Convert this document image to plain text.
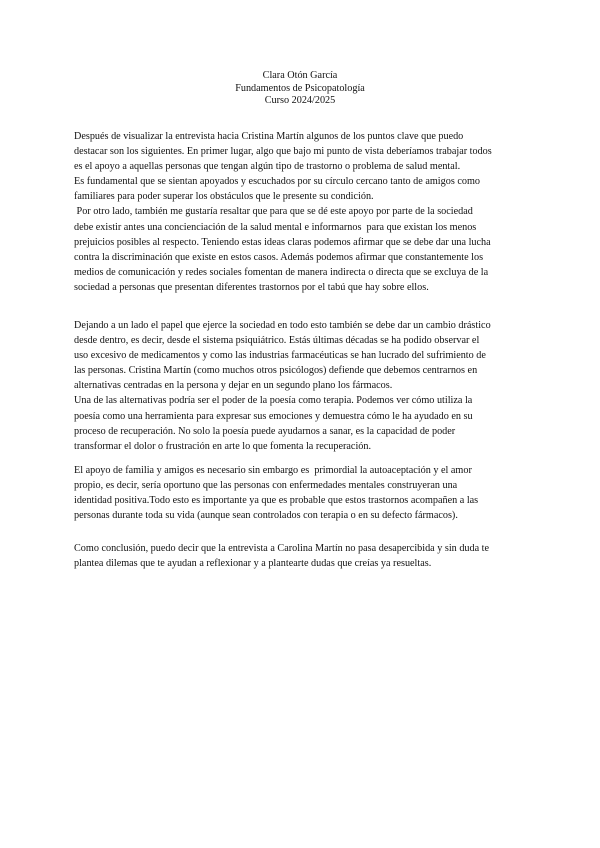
Clara Otón García
Fundamentos de Psicopatología
Curso 2024/2025
Después de visualizar la entrevista hacia Cristina Martín algunos de los puntos clave que puedo
destacar son los siguientes. En primer lugar, algo que bajo mi punto de vista deberíamos trabajar todos
es el apoyo a aquellas personas que tengan algún tipo de trastorno o problema de salud mental.
Es fundamental que se sientan apoyados y escuchados por su círculo cercano tanto de amigos como
familiares para poder superar los obstáculos que le presente su condición.
Por otro lado, también me gustaría resaltar que para que se dé este apoyo por parte de la sociedad
debe existir antes una concienciación de la salud mental e informarnos  para que existan los menos
prejuicios posibles al respecto. Teniendo estas ideas claras podemos afirmar que se debe dar una lucha
contra la discriminación que existe en estos casos. Además podemos afirmar que constantemente los
medios de comunicación y redes sociales fomentan de manera indirecta o directa que se excluya de la
sociedad a personas que presentan diferentes trastornos por el tabú que hay sobre ellos.
Dejando a un lado el papel que ejerce la sociedad en todo esto también se debe dar un cambio drástico
desde dentro, es decir, desde el sistema psiquiátrico. Estás últimas décadas se ha podido observar el
uso excesivo de medicamentos y como las industrias farmacéuticas se han lucrado del sufrimiento de
las personas. Cristina Martín (como muchos otros psicólogos) defiende que debemos centrarnos en
alternativas centradas en la persona y dejar en un segundo plano los fármacos.
Una de las alternativas podría ser el poder de la poesía como terapia. Podemos ver cómo utiliza la
poesía como una herramienta para expresar sus emociones y demuestra cómo le ha ayudado en su
proceso de recuperación. No solo la poesía puede ayudarnos a sanar, es la capacidad de poder
transformar el dolor o frustración en arte lo que fomenta la recuperación.
El apoyo de familia y amigos es necesario sin embargo es  primordial la autoaceptación y el amor
propio, es decir, sería oportuno que las personas con enfermedades mentales construyeran una
identidad positiva.Todo esto es importante ya que es probable que estos trastornos acompañen a las
personas durante toda su vida (aunque sean controlados con terapia o en su defecto fármacos).
Como conclusión, puedo decir que la entrevista a Carolina Martín no pasa desapercibida y sin duda te
plantea dilemas que te ayudan a reflexionar y a plantearte dudas que creías ya resueltas.
